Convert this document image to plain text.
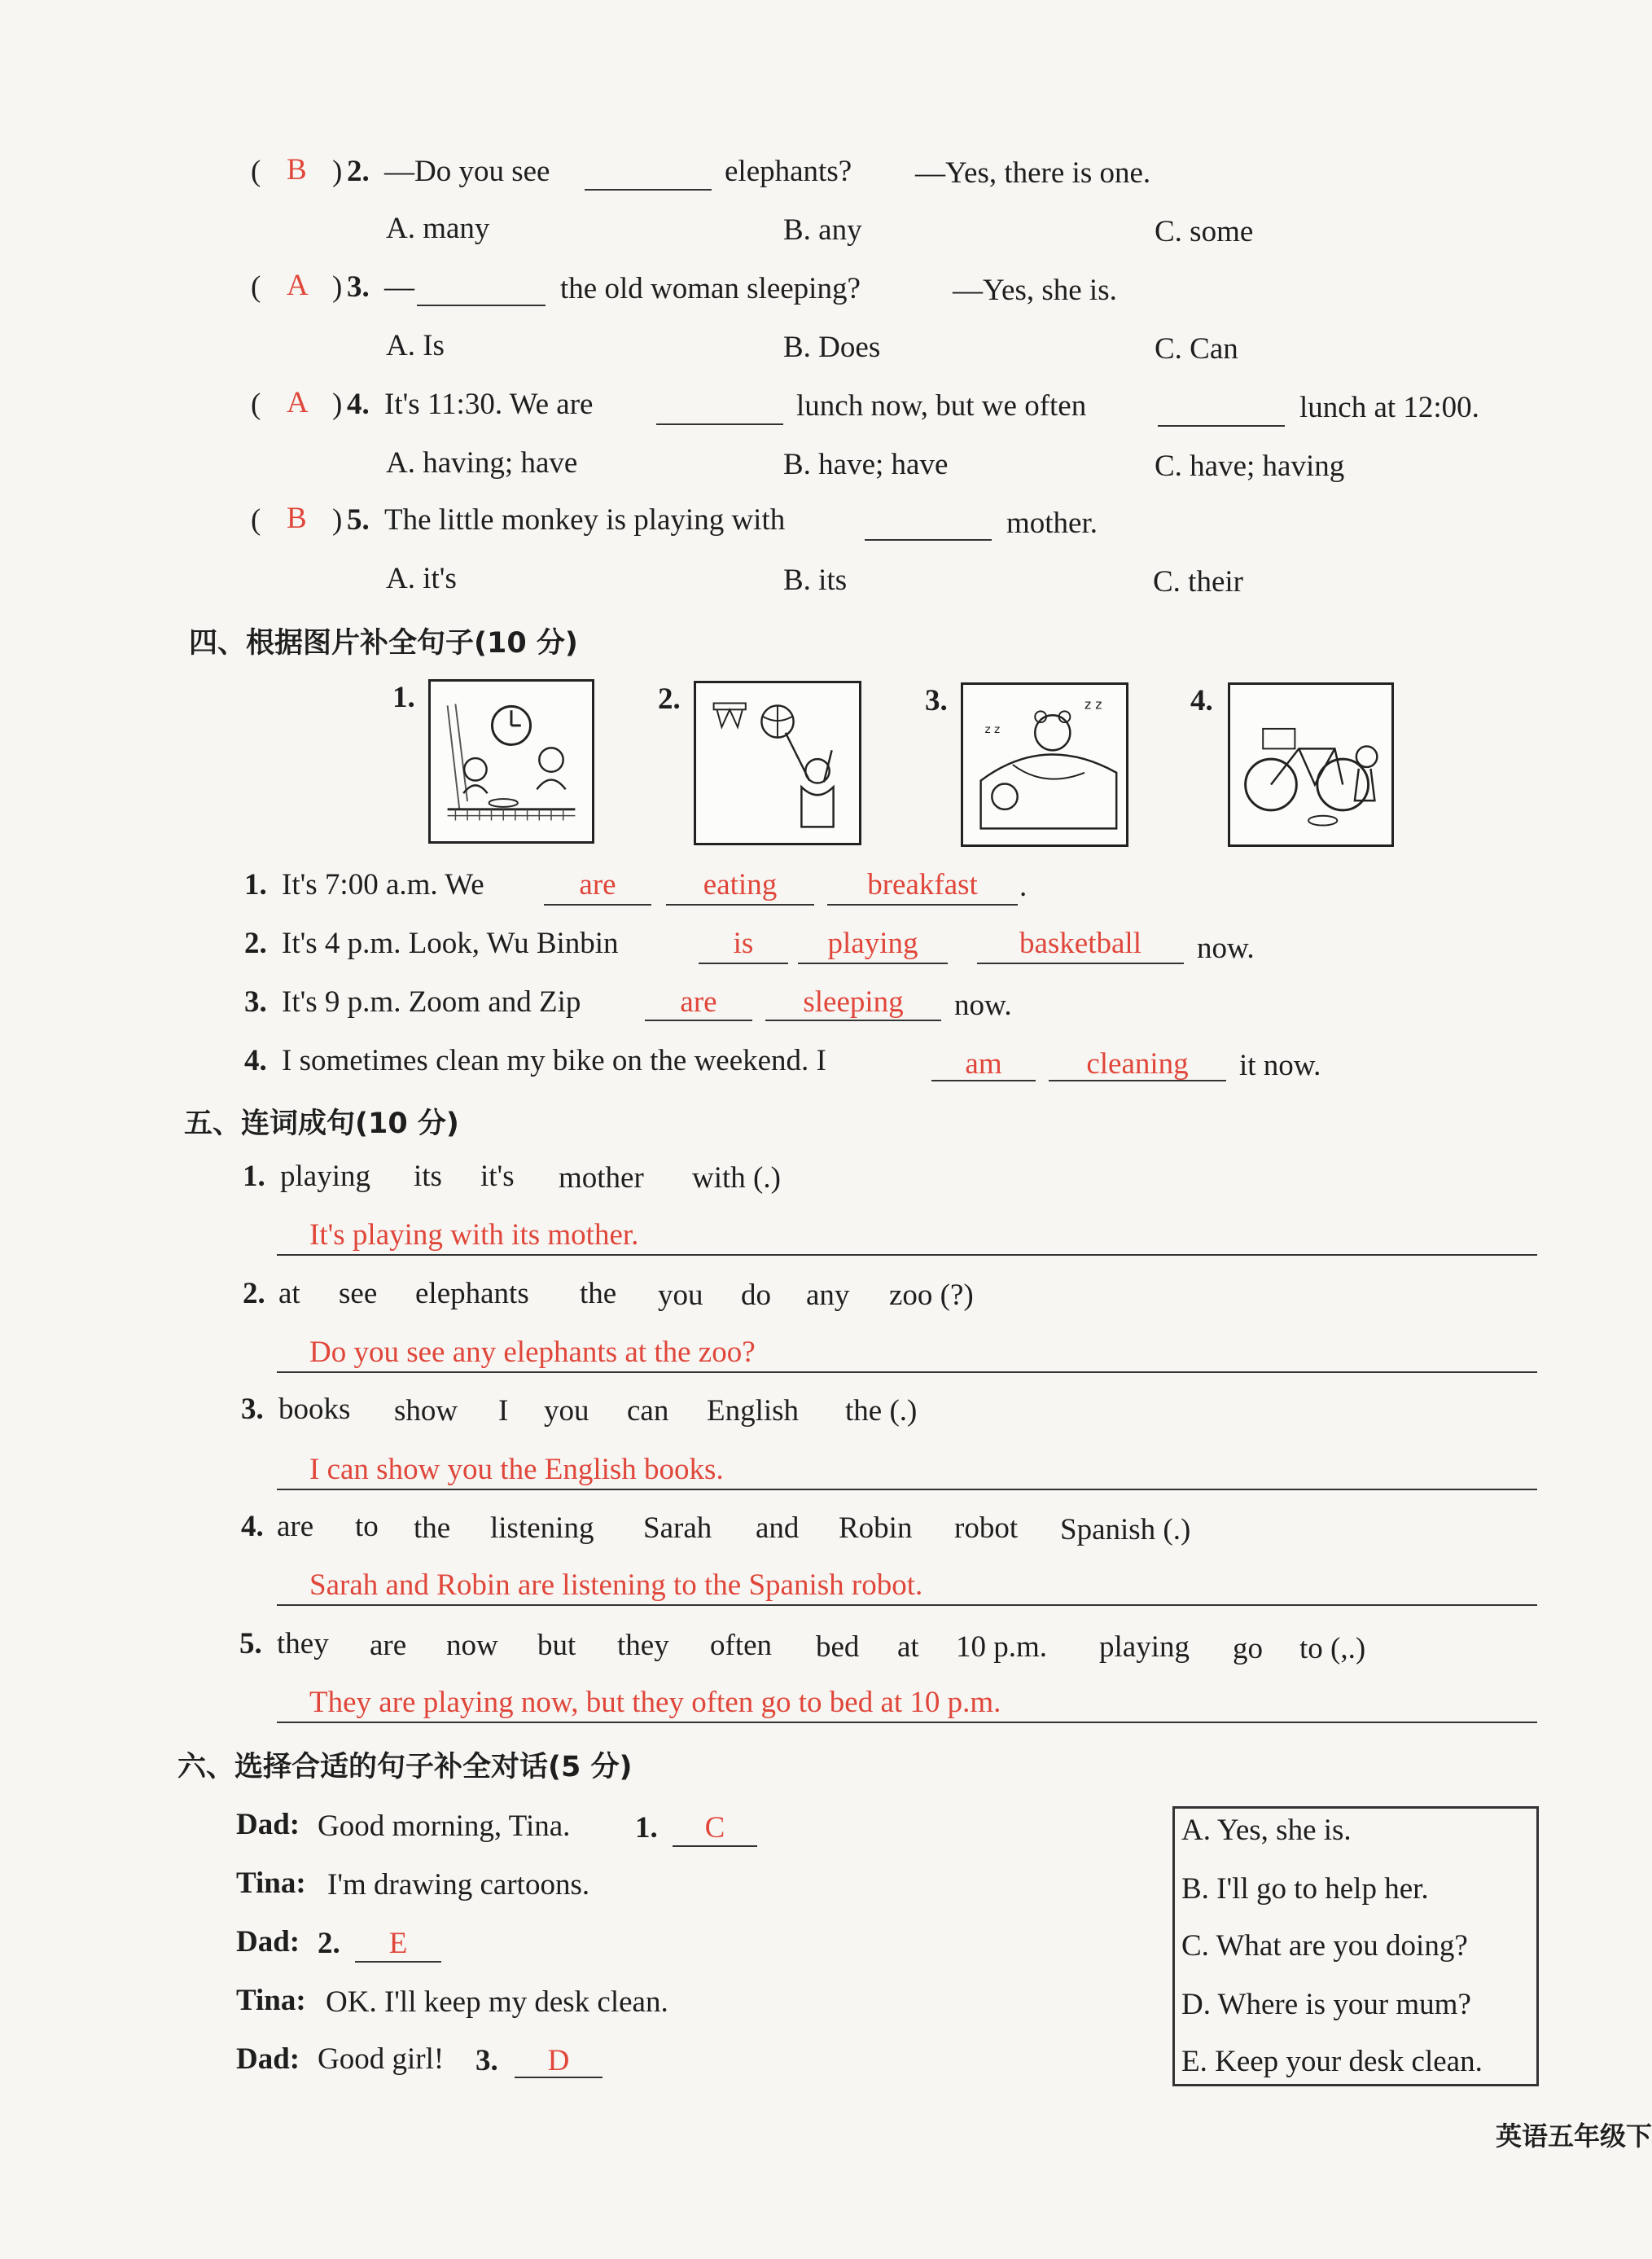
( B ) 2. —Do you see	elephants? —Yes, there is one.
A. many	B. any	C. some
( A ) 3. —	the old woman sleeping?	—Yes, she is.
A. Is	B. Does	C. Can
( A ) 4. It's 11:30. We are	lunch now, but we often	lunch at 12:00.
A. having; have	B. have; have	C. have; having
( B ) 5. The little monkey is playing with	mother.
A. it's	B. its	C. their
四、根据图片补全句子(10 分)
1.	2.	3.	z z
z z
4.
1. It's 7:00 a.m. We	are	eating	breakfast	.
2. It's 4 p.m. Look, Wu Binbin	is	playing	basketball	now.
3. It's 9 p.m. Zoom and Zip	are	sleeping	now.
4. I sometimes clean my bike on the weekend. I	am	cleaning	it now.
五、连词成句(10 分)
1. playing its it's mother with (.)
It's playing with its mother.
2. at see elephants the you do any zoo (?)
Do you see any elephants at the zoo?
3. books show I you can English the (.)
I can show you the English books.
4. are to the listening Sarah and Robin robot Spanish (.)
Sarah and Robin are listening to the Spanish robot.
5. they are now but they often bed at 10 p.m. playing go to (,.)
They are playing now, but they often go to bed at 10 p.m.
六、选择合适的句子补全对话(5 分)
Dad: Good morning, Tina. 1.	C
Tina: I'm drawing cartoons.
Dad: 2.	E
Tina: OK. I'll keep my desk clean.
Dad: Good girl! 3.	D
A. Yes, she is.
B. I'll go to help her.
C. What are you doing?
D. Where is your mum?
E. Keep your desk clean.
英语五年级下
